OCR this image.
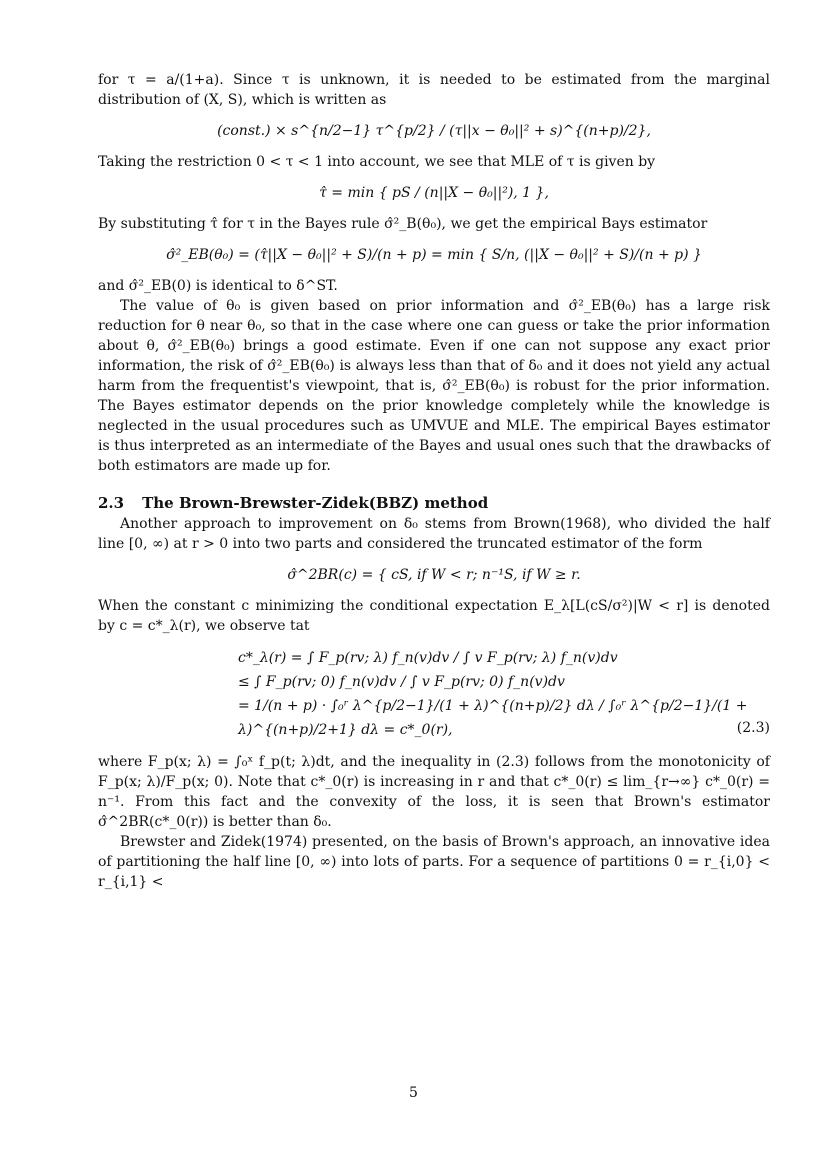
for τ = a/(1+a). Since τ is unknown, it is needed to be estimated from the marginal distribution of (X, S), which is written as

(const.) × s^{n/2−1} τ^{p/2} / (τ||x − θ₀||² + s)^{(n+p)/2},

Taking the restriction 0 < τ < 1 into account, we see that MLE of τ is given by

τ̂ = min { pS / (n||X − θ₀||²), 1 },

By substituting τ̂ for τ in the Bayes rule σ̂²_B(θ₀), we get the empirical Bays estimator

σ̂²_EB(θ₀) = (τ̂||X − θ₀||² + S)/(n + p) = min { S/n, (||X − θ₀||² + S)/(n + p) }

and σ̂²_EB(0) is identical to δ^ST.

The value of θ₀ is given based on prior information and σ̂²_EB(θ₀) has a large risk reduction for θ near θ₀, so that in the case where one can guess or take the prior information about θ, σ̂²_EB(θ₀) brings a good estimate. Even if one can not suppose any exact prior information, the risk of σ̂²_EB(θ₀) is always less than that of δ₀ and it does not yield any actual harm from the frequentist's viewpoint, that is, σ̂²_EB(θ₀) is robust for the prior information. The Bayes estimator depends on the prior knowledge completely while the knowledge is neglected in the usual procedures such as UMVUE and MLE. The empirical Bayes estimator is thus interpreted as an intermediate of the Bayes and usual ones such that the drawbacks of both estimators are made up for.

2.3 The Brown-Brewster-Zidek(BBZ) method

Another approach to improvement on δ₀ stems from Brown(1968), who divided the half line [0, ∞) at r > 0 into two parts and considered the truncated estimator of the form

σ̂^2BR(c) = { cS, if W < r; n⁻¹S, if W ≥ r.

When the constant c minimizing the conditional expectation E_λ[L(cS/σ²)|W < r] is denoted by c = c*_λ(r), we observe tat

c*_λ(r) = ∫ F_p(rv; λ) f_n(v)dv / ∫ v F_p(rv; λ) f_n(v)dv
≤ ∫ F_p(rv; 0) f_n(v)dv / ∫ v F_p(rv; 0) f_n(v)dv
= 1/(n + p) · ∫₀ʳ λ^{p/2−1}/(1 + λ)^{(n+p)/2} dλ / ∫₀ʳ λ^{p/2−1}/(1 + λ)^{(n+p)/2+1} dλ = c*_0(r),	(2.3)

where F_p(x; λ) = ∫₀ˣ f_p(t; λ)dt, and the inequality in (2.3) follows from the monotonicity of F_p(x; λ)/F_p(x; 0). Note that c*_0(r) is increasing in r and that c*_0(r) ≤ lim_{r→∞} c*_0(r) = n⁻¹. From this fact and the convexity of the loss, it is seen that Brown's estimator σ̂^2BR(c*_0(r)) is better than δ₀.

Brewster and Zidek(1974) presented, on the basis of Brown's approach, an innovative idea of partitioning the half line [0, ∞) into lots of parts. For a sequence of partitions 0 = r_{i,0} < r_{i,1} <

5
